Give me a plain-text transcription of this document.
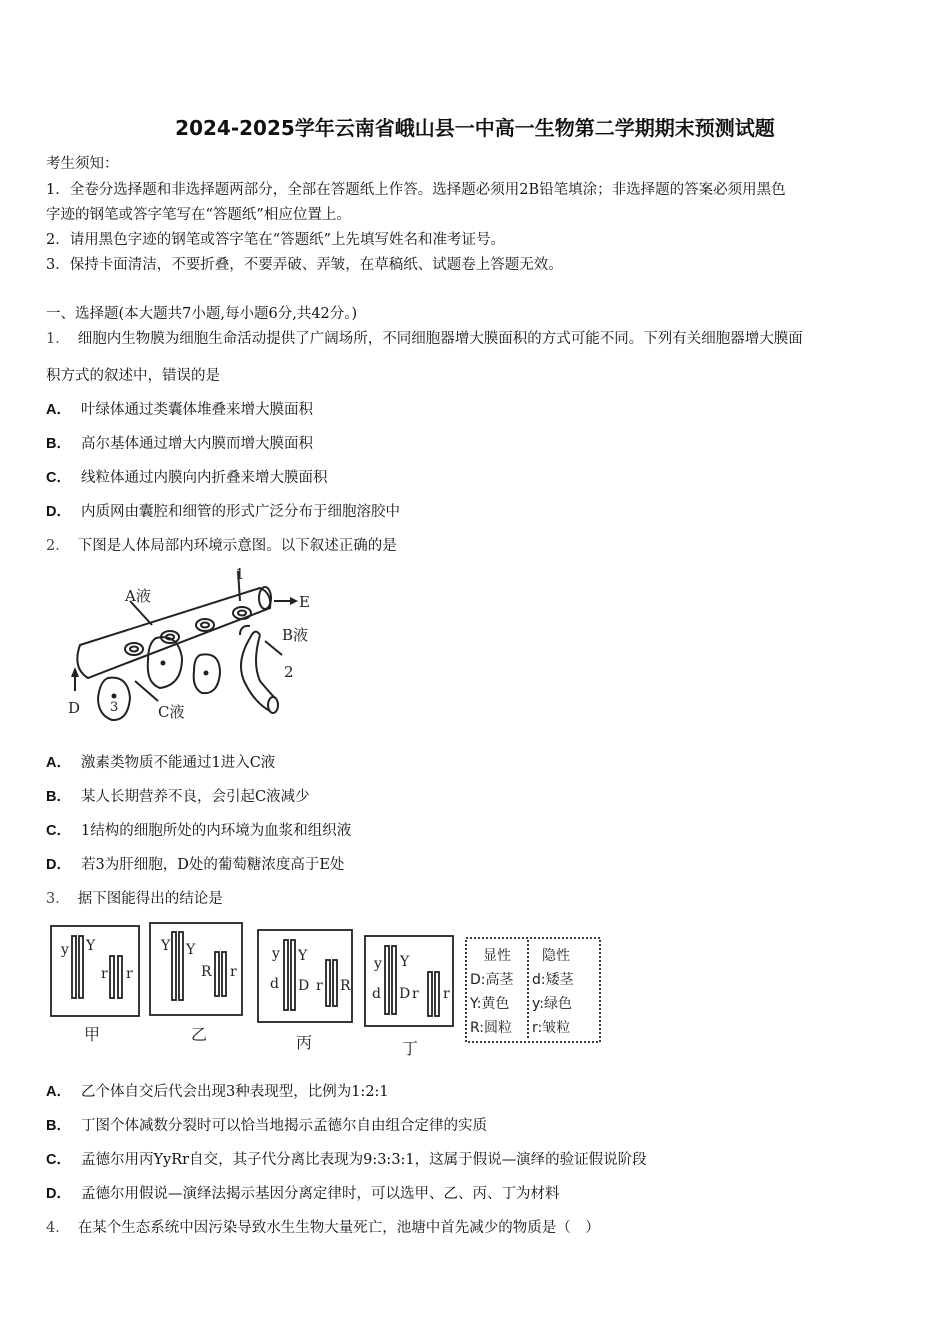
2024-2025学年云南省峨山县一中高一生物第二学期期末预测试题
考生须知：
1．全卷分选择题和非选择题两部分，全部在答题纸上作答。选择题必须用2B铅笔填涂；非选择题的答案必须用黑色
字迹的钢笔或答字笔写在“答题纸”相应位置上。
2．请用黑色字迹的钢笔或答字笔在“答题纸”上先填写姓名和准考证号。
3．保持卡面清洁，不要折叠，不要弄破、弄皱，在草稿纸、试题卷上答题无效。
一、选择题(本大题共7小题,每小题6分,共42分。)
1． 细胞内生物膜为细胞生命活动提供了广阔场所，不同细胞器增大膜面积的方式可能不同。下列有关细胞器增大膜面
积方式的叙述中，错误的是
A． 叶绿体通过类囊体堆叠来增大膜面积
B． 高尔基体通过增大内膜而增大膜面积
C． 线粒体通过内膜向内折叠来增大膜面积
D． 内质网由囊腔和细管的形式广泛分布于细胞溶胶中
2． 下图是人体局部内环境示意图。以下叙述正确的是
1
A液	E
B液
2
D 3	C液
A． 激素类物质不能通过1进入C液
B． 某人长期营养不良，会引起C液减少
C． 1结构的细胞所处的内环境为血浆和组织液
D． 若3为肝细胞，D处的葡萄糖浓度高于E处
3． 据下图能得出的结论是
y Y
r r
Y Y
R r
y Y
d D r R
y Y
d D r r
甲	乙	丙	丁
显性 隐性
D:高茎 d:矮茎
Y:黄色 y:绿色
R:圆粒 r:皱粒
A． 乙个体自交后代会出现3种表现型，比例为1:2:1
B． 丁图个体减数分裂时可以恰当地揭示孟德尔自由组合定律的实质
C． 孟德尔用丙YyRr自交，其子代分离比表现为9:3:3:1，这属于假说—演绎的验证假说阶段
D． 孟德尔用假说—演绎法揭示基因分离定律时，可以选甲、乙、丙、丁为材料
4． 在某个生态系统中因污染导致水生生物大量死亡，池塘中首先减少的物质是（　）
